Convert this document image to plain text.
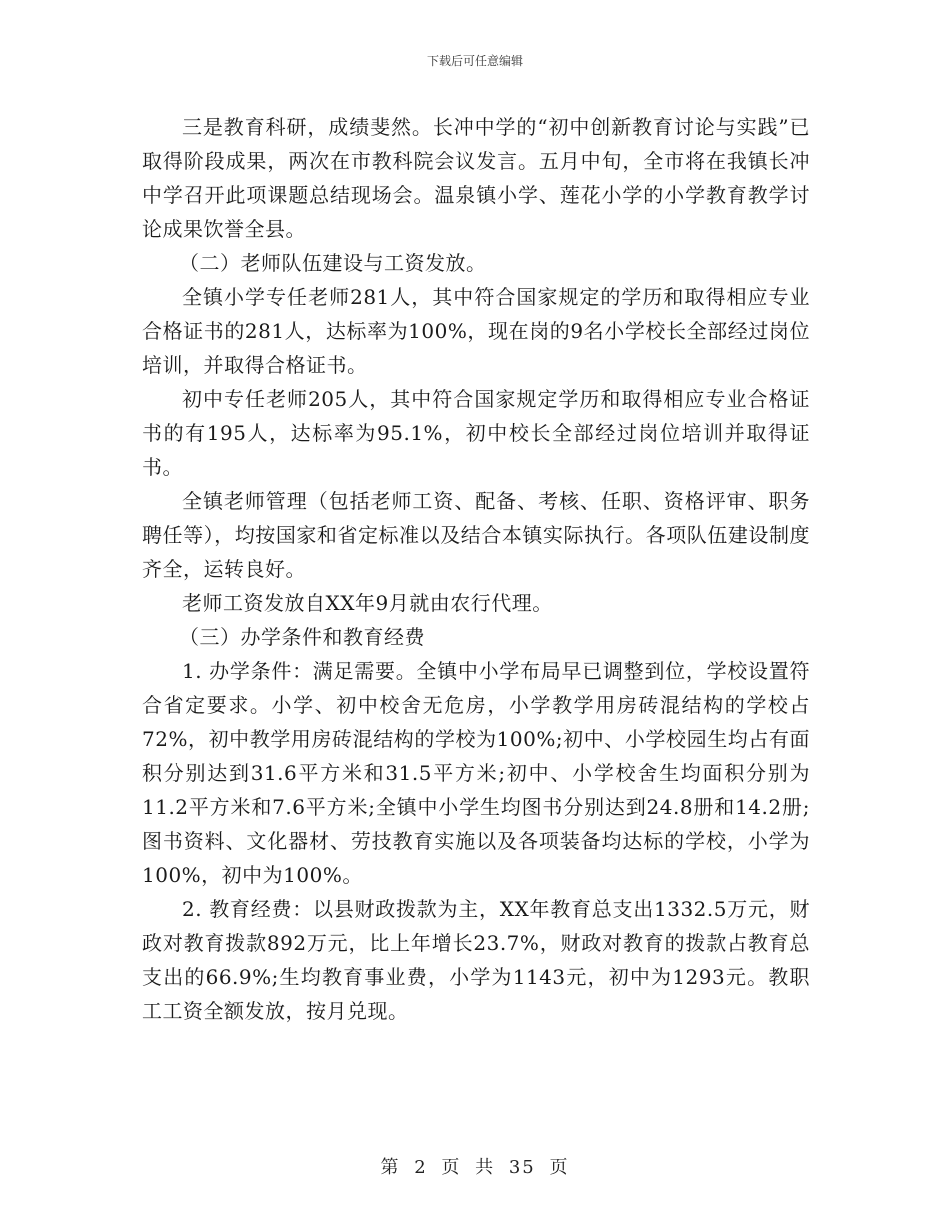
下载后可任意编辑

三是教育科研，成绩斐然。长冲中学的“初中创新教育讨论与实践”已取得阶段成果，两次在市教科院会议发言。五月中旬，全市将在我镇长冲中学召开此项课题总结现场会。温泉镇小学、莲花小学的小学教育教学讨论成果饮誉全县。

（二）老师队伍建设与工资发放。

全镇小学专任老师281人，其中符合国家规定的学历和取得相应专业合格证书的281人，达标率为100%，现在岗的9名小学校长全部经过岗位培训，并取得合格证书。

初中专任老师205人，其中符合国家规定学历和取得相应专业合格证书的有195人，达标率为95.1%，初中校长全部经过岗位培训并取得证书。

全镇老师管理（包括老师工资、配备、考核、任职、资格评审、职务聘任等），均按国家和省定标准以及结合本镇实际执行。各项队伍建设制度齐全，运转良好。

老师工资发放自XX年9月就由农行代理。

（三）办学条件和教育经费

1. 办学条件：满足需要。全镇中小学布局早已调整到位，学校设置符合省定要求。小学、初中校舍无危房，小学教学用房砖混结构的学校占72%，初中教学用房砖混结构的学校为100%;初中、小学校园生均占有面积分别达到31.6平方米和31.5平方米;初中、小学校舍生均面积分别为11.2平方米和7.6平方米;全镇中小学生均图书分别达到24.8册和14.2册;图书资料、文化器材、劳技教育实施以及各项装备均达标的学校，小学为100%，初中为100%。

2. 教育经费：以县财政拨款为主，XX年教育总支出1332.5万元，财政对教育拨款892万元，比上年增长23.7%，财政对教育的拨款占教育总支出的66.9%;生均教育事业费，小学为1143元，初中为1293元。教职工工资全额发放，按月兑现。

第 2 页 共 35 页
